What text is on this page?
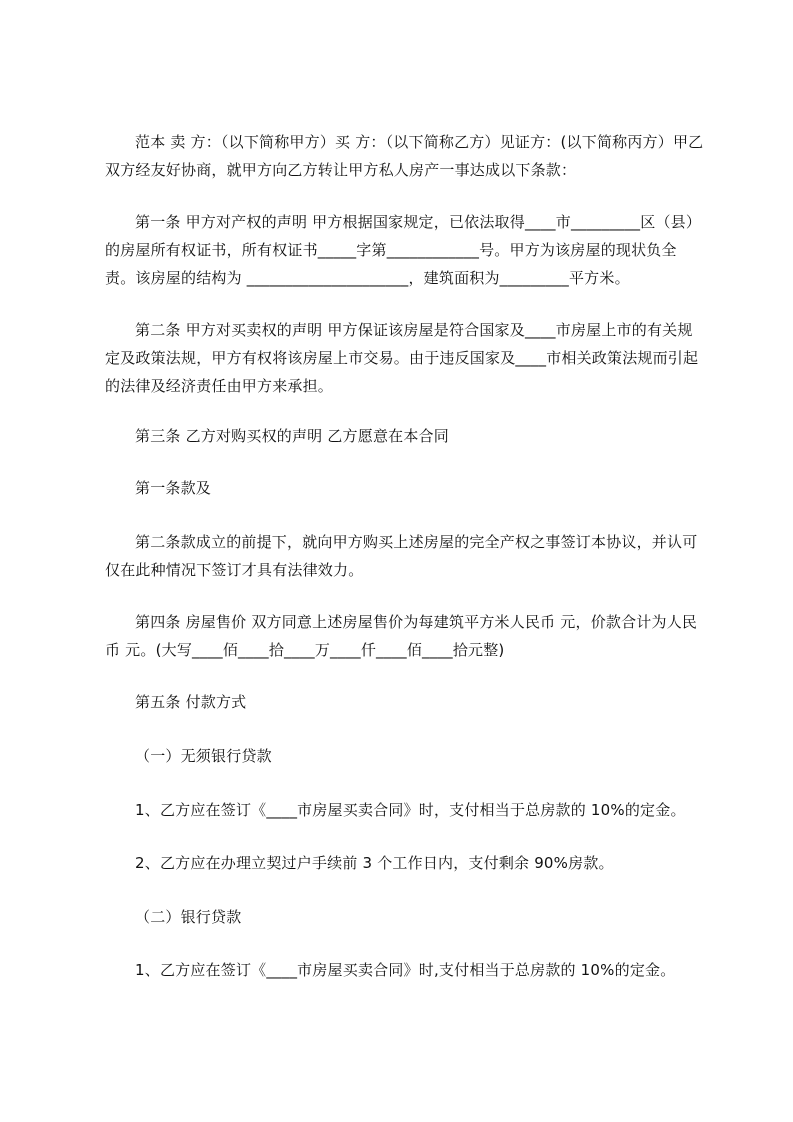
范本 卖 方：（以下简称甲方）买 方：（以下简称乙方）见证方：(以下简称丙方）甲乙双方经友好协商，就甲方向乙方转让甲方私人房产一事达成以下条款：

第一条 甲方对产权的声明 甲方根据国家规定，已依法取得____市_________区（县）的房屋所有权证书，所有权证书_____字第____________号。甲方为该房屋的现状负全责。该房屋的结构为 _____________________，建筑面积为_________平方米。

第二条 甲方对买卖权的声明 甲方保证该房屋是符合国家及____市房屋上市的有关规定及政策法规，甲方有权将该房屋上市交易。由于违反国家及____市相关政策法规而引起的法律及经济责任由甲方来承担。

第三条 乙方对购买权的声明 乙方愿意在本合同

第一条款及

第二条款成立的前提下，就向甲方购买上述房屋的完全产权之事签订本协议，并认可仅在此种情况下签订才具有法律效力。

第四条 房屋售价 双方同意上述房屋售价为每建筑平方米人民币 元，价款合计为人民币 元。(大写____佰____拾____万____仟____佰____拾元整)

第五条 付款方式

（一）无须银行贷款

1、乙方应在签订《____市房屋买卖合同》时，支付相当于总房款的 10%的定金。

2、乙方应在办理立契过户手续前 3 个工作日内，支付剩余 90%房款。

（二）银行贷款

1、乙方应在签订《____市房屋买卖合同》时,支付相当于总房款的 10%的定金。
